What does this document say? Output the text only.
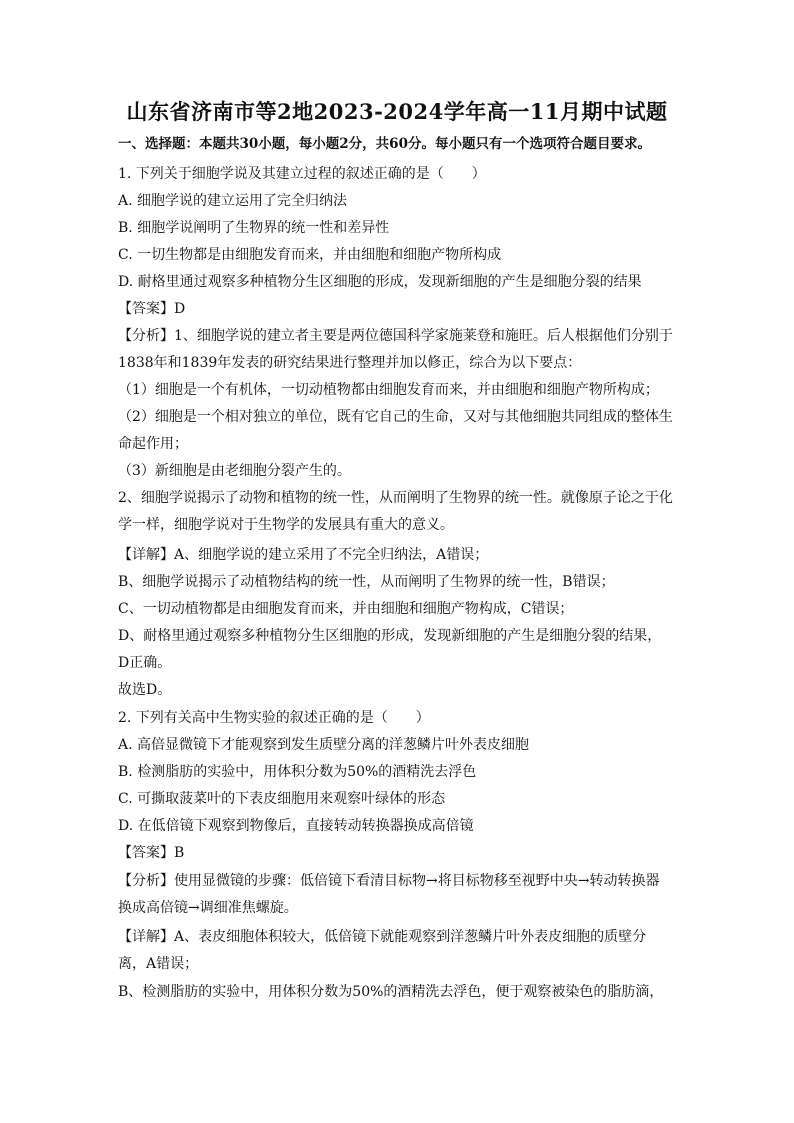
山东省济南市等2地2023-2024学年高一11月期中试题
一、选择题：本题共30小题，每小题2分，共60分。每小题只有一个选项符合题目要求。
1. 下列关于细胞学说及其建立过程的叙述正确的是（　　）
A. 细胞学说的建立运用了完全归纳法
B. 细胞学说阐明了生物界的统一性和差异性
C. 一切生物都是由细胞发育而来，并由细胞和细胞产物所构成
D. 耐格里通过观察多种植物分生区细胞的形成，发现新细胞的产生是细胞分裂的结果
【答案】D
【分析】1、细胞学说的建立者主要是两位德国科学家施莱登和施旺。后人根据他们分别于
1838年和1839年发表的研究结果进行整理并加以修正，综合为以下要点：
（1）细胞是一个有机体，一切动植物都由细胞发育而来，并由细胞和细胞产物所构成；
（2）细胞是一个相对独立的单位，既有它自己的生命，又对与其他细胞共同组成的整体生
命起作用；
（3）新细胞是由老细胞分裂产生的。
2、细胞学说揭示了动物和植物的统一性，从而阐明了生物界的统一性。就像原子论之于化
学一样，细胞学说对于生物学的发展具有重大的意义。
【详解】A、细胞学说的建立采用了不完全归纳法，A错误；
B、细胞学说揭示了动植物结构的统一性，从而阐明了生物界的统一性，B错误；
C、一切动植物都是由细胞发育而来，并由细胞和细胞产物构成，C错误；
D、耐格里通过观察多种植物分生区细胞的形成，发现新细胞的产生是细胞分裂的结果，
D正确。
故选D。
2. 下列有关高中生物实验的叙述正确的是（　　）
A. 高倍显微镜下才能观察到发生质壁分离的洋葱鳞片叶外表皮细胞
B. 检测脂肪的实验中，用体积分数为50%的酒精洗去浮色
C. 可撕取菠菜叶的下表皮细胞用来观察叶绿体的形态
D. 在低倍镜下观察到物像后，直接转动转换器换成高倍镜
【答案】B
【分析】使用显微镜的步骤：低倍镜下看清目标物→将目标物移至视野中央→转动转换器
换成高倍镜→调细准焦螺旋。
【详解】A、表皮细胞体积较大，低倍镜下就能观察到洋葱鳞片叶外表皮细胞的质壁分
离，A错误；
B、检测脂肪的实验中，用体积分数为50%的酒精洗去浮色，便于观察被染色的脂肪滴，
